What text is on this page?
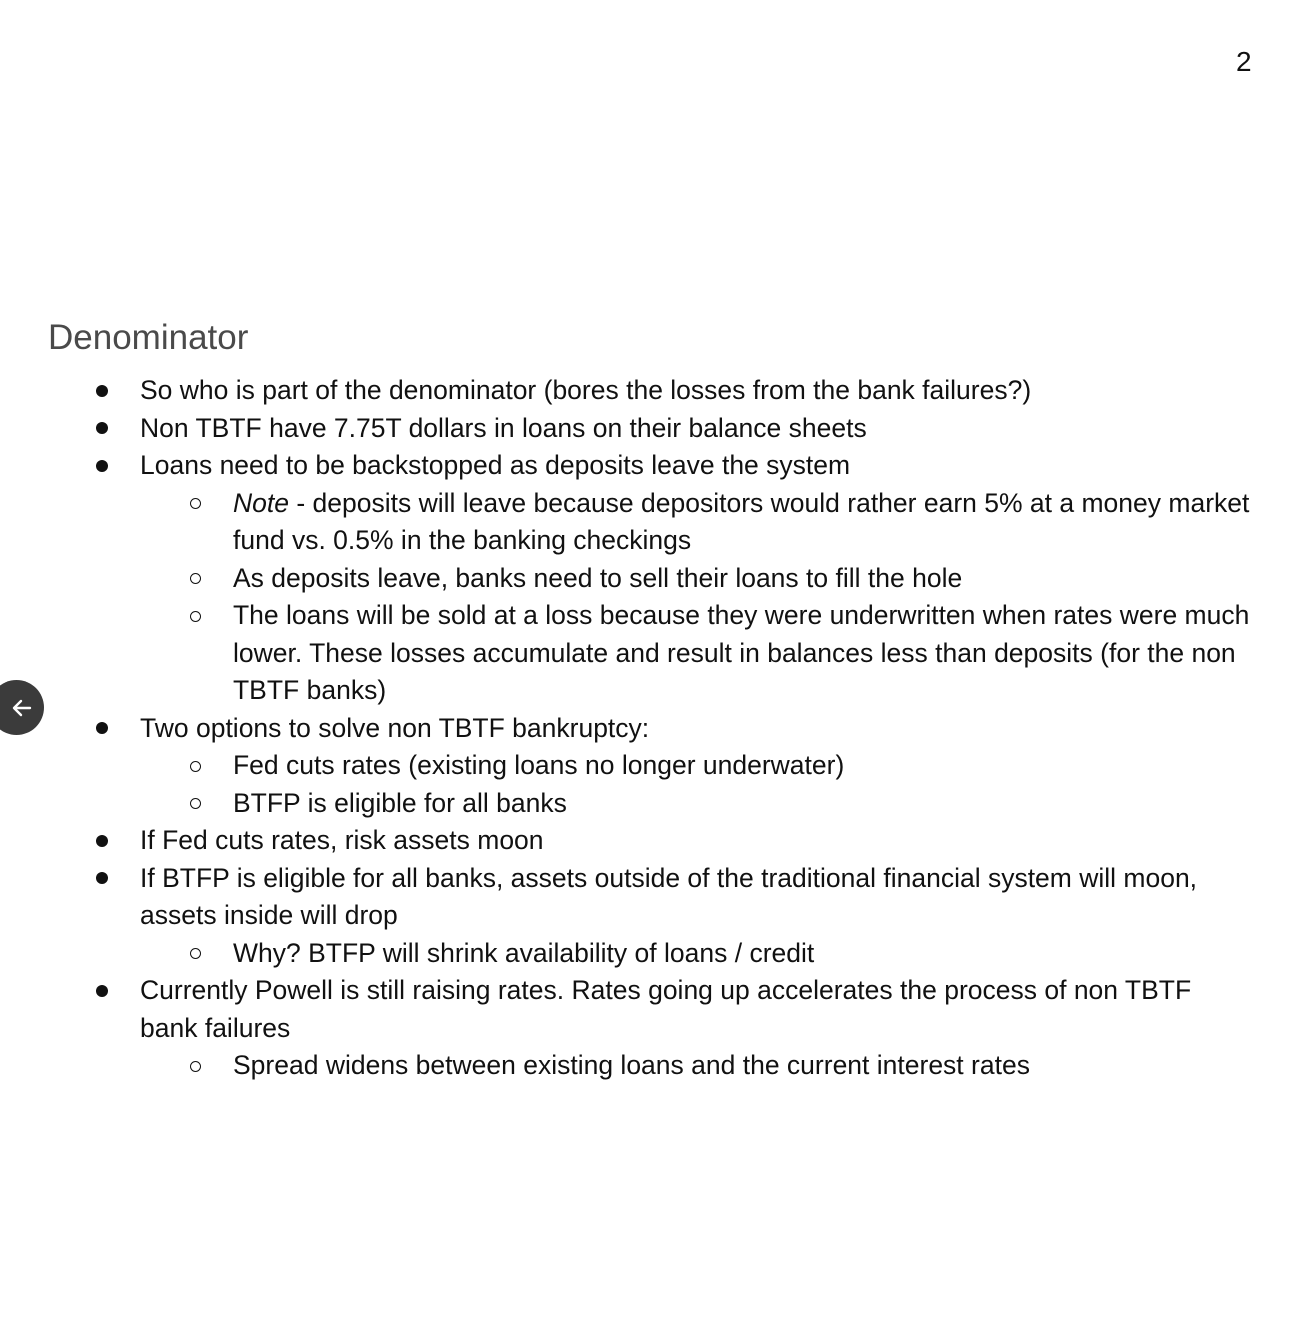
2
Denominator
So who is part of the denominator (bores the losses from the bank failures?)
Non TBTF have 7.75T dollars in loans on their balance sheets
Loans need to be backstopped as deposits leave the system
Note - deposits will leave because depositors would rather earn 5% at a money market fund vs. 0.5% in the banking checkings
As deposits leave, banks need to sell their loans to fill the hole
The loans will be sold at a loss because they were underwritten when rates were much lower. These losses accumulate and result in balances less than deposits (for the non TBTF banks)
Two options to solve non TBTF bankruptcy:
Fed cuts rates (existing loans no longer underwater)
BTFP is eligible for all banks
If Fed cuts rates, risk assets moon
If BTFP is eligible for all banks, assets outside of the traditional financial system will moon, assets inside will drop
Why? BTFP will shrink availability of loans / credit
Currently Powell is still raising rates. Rates going up accelerates the process of non TBTF bank failures
Spread widens between existing loans and the current interest rates
